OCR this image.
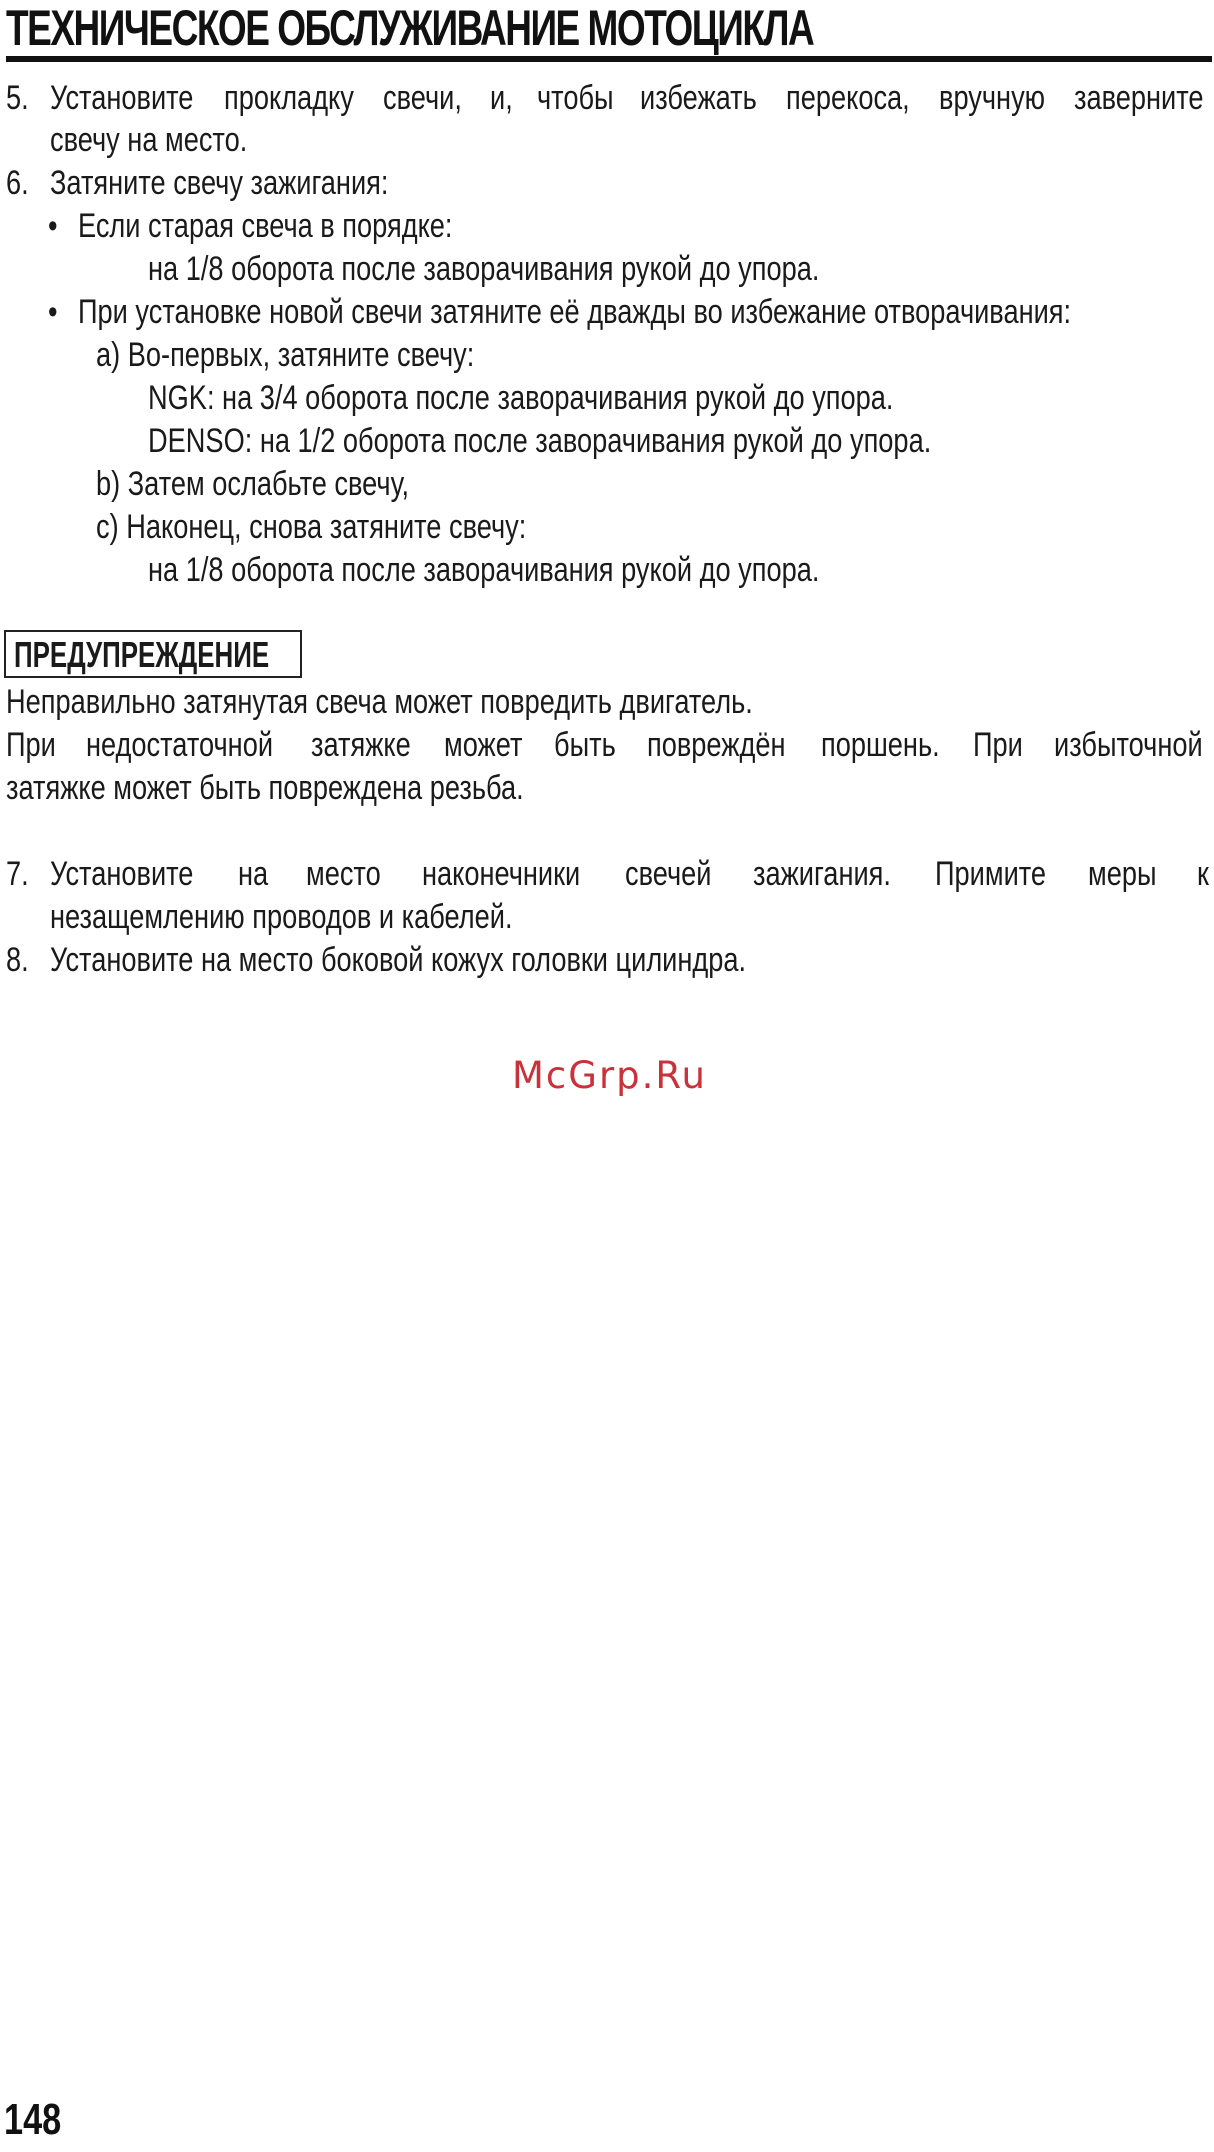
ТЕХНИЧЕСКОЕ ОБСЛУЖИВАНИЕ МОТОЦИКЛА
5. Установите прокладку свечи, и, чтобы избежать перекоса, вручную заверните
свечу на место.
6. Затяните свечу зажигания:
• Если старая свеча в порядке:
на 1/8 оборота после заворачивания рукой до упора.
• При установке новой свечи затяните её дважды во избежание отворачивания:
a) Во-первых, затяните свечу:
NGK: на 3/4 оборота после заворачивания рукой до упора.
DENSO: на 1/2 оборота после заворачивания рукой до упора.
b) Затем ослабьте свечу,
c) Наконец, снова затяните свечу:
на 1/8 оборота после заворачивания рукой до упора.
ПРЕДУПРЕЖДЕНИЕ
Неправильно затянутая свеча может повредить двигатель.
При недостаточной затяжке может быть повреждён поршень. При избыточной
затяжке может быть повреждена резьба.
7. Установите на место наконечники свечей зажигания. Примите меры к
незащемлению проводов и кабелей.
8. Установите на место боковой кожух головки цилиндра.
McGrp.Ru
148
